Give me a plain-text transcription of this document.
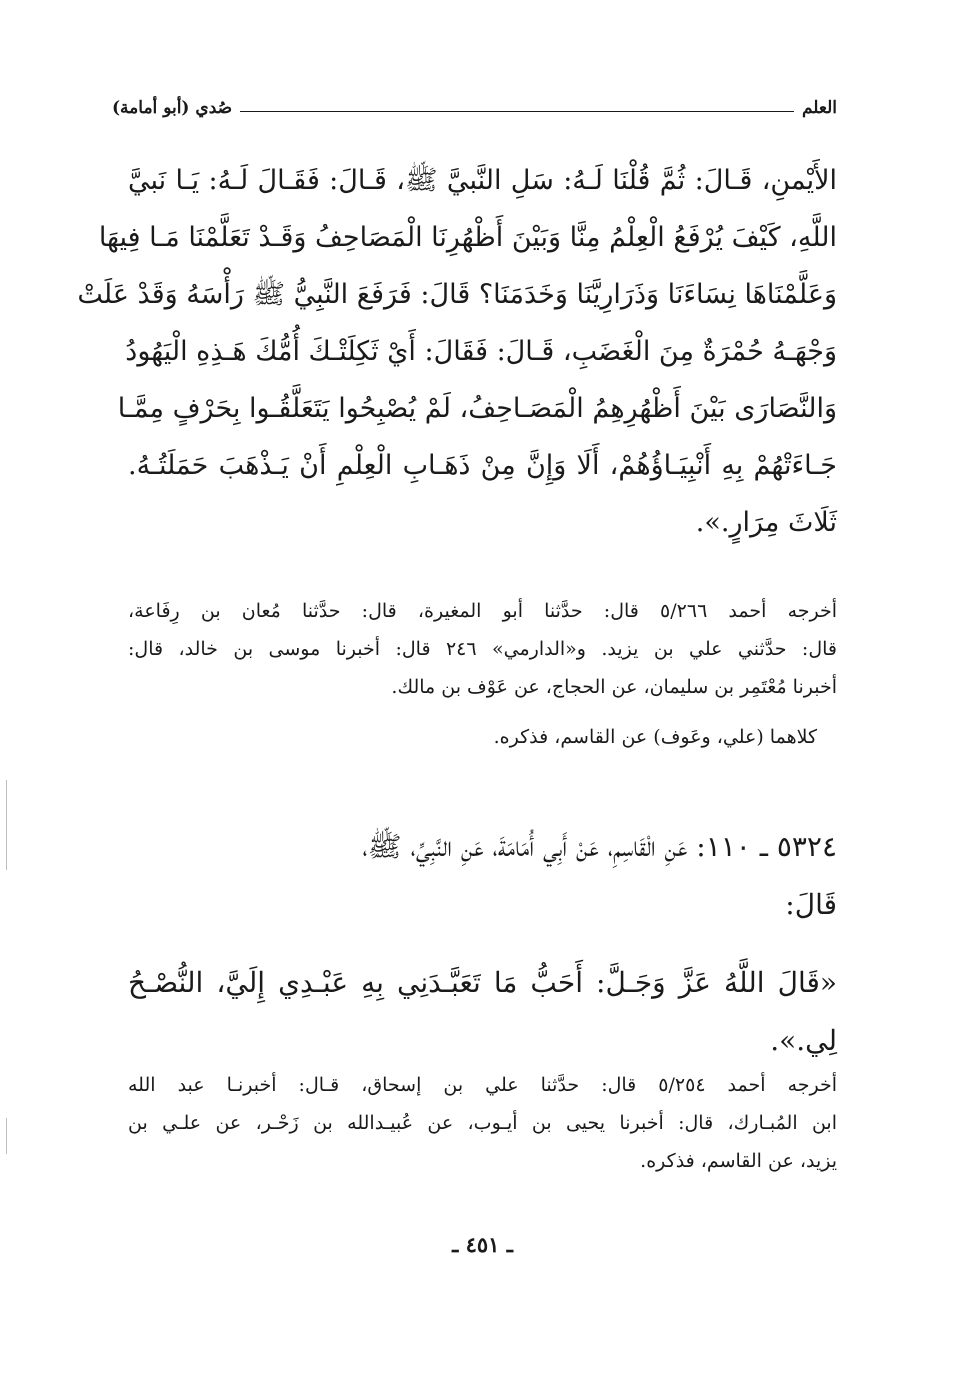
العلم
صُدي (أبو أمامة)
الأَيْمنِ، قَـالَ: ثُمَّ قُلْنَا لَـهُ: سَلِ النَّبيَّ ﷺ، قَـالَ: فَقَـالَ لَـهُ: يَـا نَبيَّ
اللَّهِ، كَيْفَ يُرْفَعُ الْعِلْمُ مِنَّا وَبَيْنَ أَظْهُرِنَا الْمَصَاحِفُ وَقَـدْ تَعَلَّمْنَا مَـا فِيهَا
وَعَلَّمْنَاهَا نِسَاءَنَا وَذَرَارِيَّنَا وَخَدَمَنَا؟ قَالَ: فَرَفَعَ النَّبِيُّ ﷺ رَأْسَهُ وَقَدْ عَلَتْ
وَجْهَـهُ حُمْرَةٌ مِنَ الْغَضَبِ، قَـالَ: فَقَالَ: أَيْ ثَكِلَتْـكَ أُمُّكَ هَـذِهِ الْيَهُودُ
وَالنَّصَارَى بَيْنَ أَظْهُرِهِمُ الْمَصَـاحِفُ، لَمْ يُصْبِحُوا يَتَعَلَّقُـوا بِحَرْفٍ مِمَّـا
جَـاءَتْهُمْ بِهِ أَنْبِيَـاؤُهُمْ، أَلَا وَإِنَّ مِنْ ذَهَـابِ الْعِلْمِ أَنْ يَـذْهَبَ حَمَلَتُـهُ.
ثَلَاثَ مِرَارٍ.».
أخرجه أحمد ٥/٢٦٦ قال: حدَّثنا أبو المغيرة، قال: حدَّثنا مُعان بن رِفَاعة،
قال: حدَّثني علي بن يزيد. و«الدارمي» ٢٤٦ قال: أخبرنا موسى بن خالد، قال:
أخبرنا مُعْتَمِر بن سليمان، عن الحجاج، عن عَوْف بن مالك.
كلاهما (علي، وعَوف) عن القاسم، فذكره.
٥٣٢٤ ـ ١١٠: عَنِ الْقَاسِمِ، عَنْ أَبِي أُمَامَةَ، عَنِ النَّبِيِّ، ﷺ،
قَالَ:
«قَالَ اللَّهُ عَزَّ وَجَـلَّ: أَحَبُّ مَا تَعَبَّـدَنِي بِهِ عَبْـدِي إِلَيَّ، النُّصْـحُ
لِي.».
أخرجه أحمد ٥/٢٥٤ قال: حدَّثنا علي بن إسحاق، قـال: أخبرنـا عبد الله
ابن المُبـارك، قال: أخبرنا يحيى بن أيـوب، عن عُبيـدالله بن زَحْـر، عن علـي بن
يزيد، عن القاسم، فذكره.
ـ ٤٥١ ـ
